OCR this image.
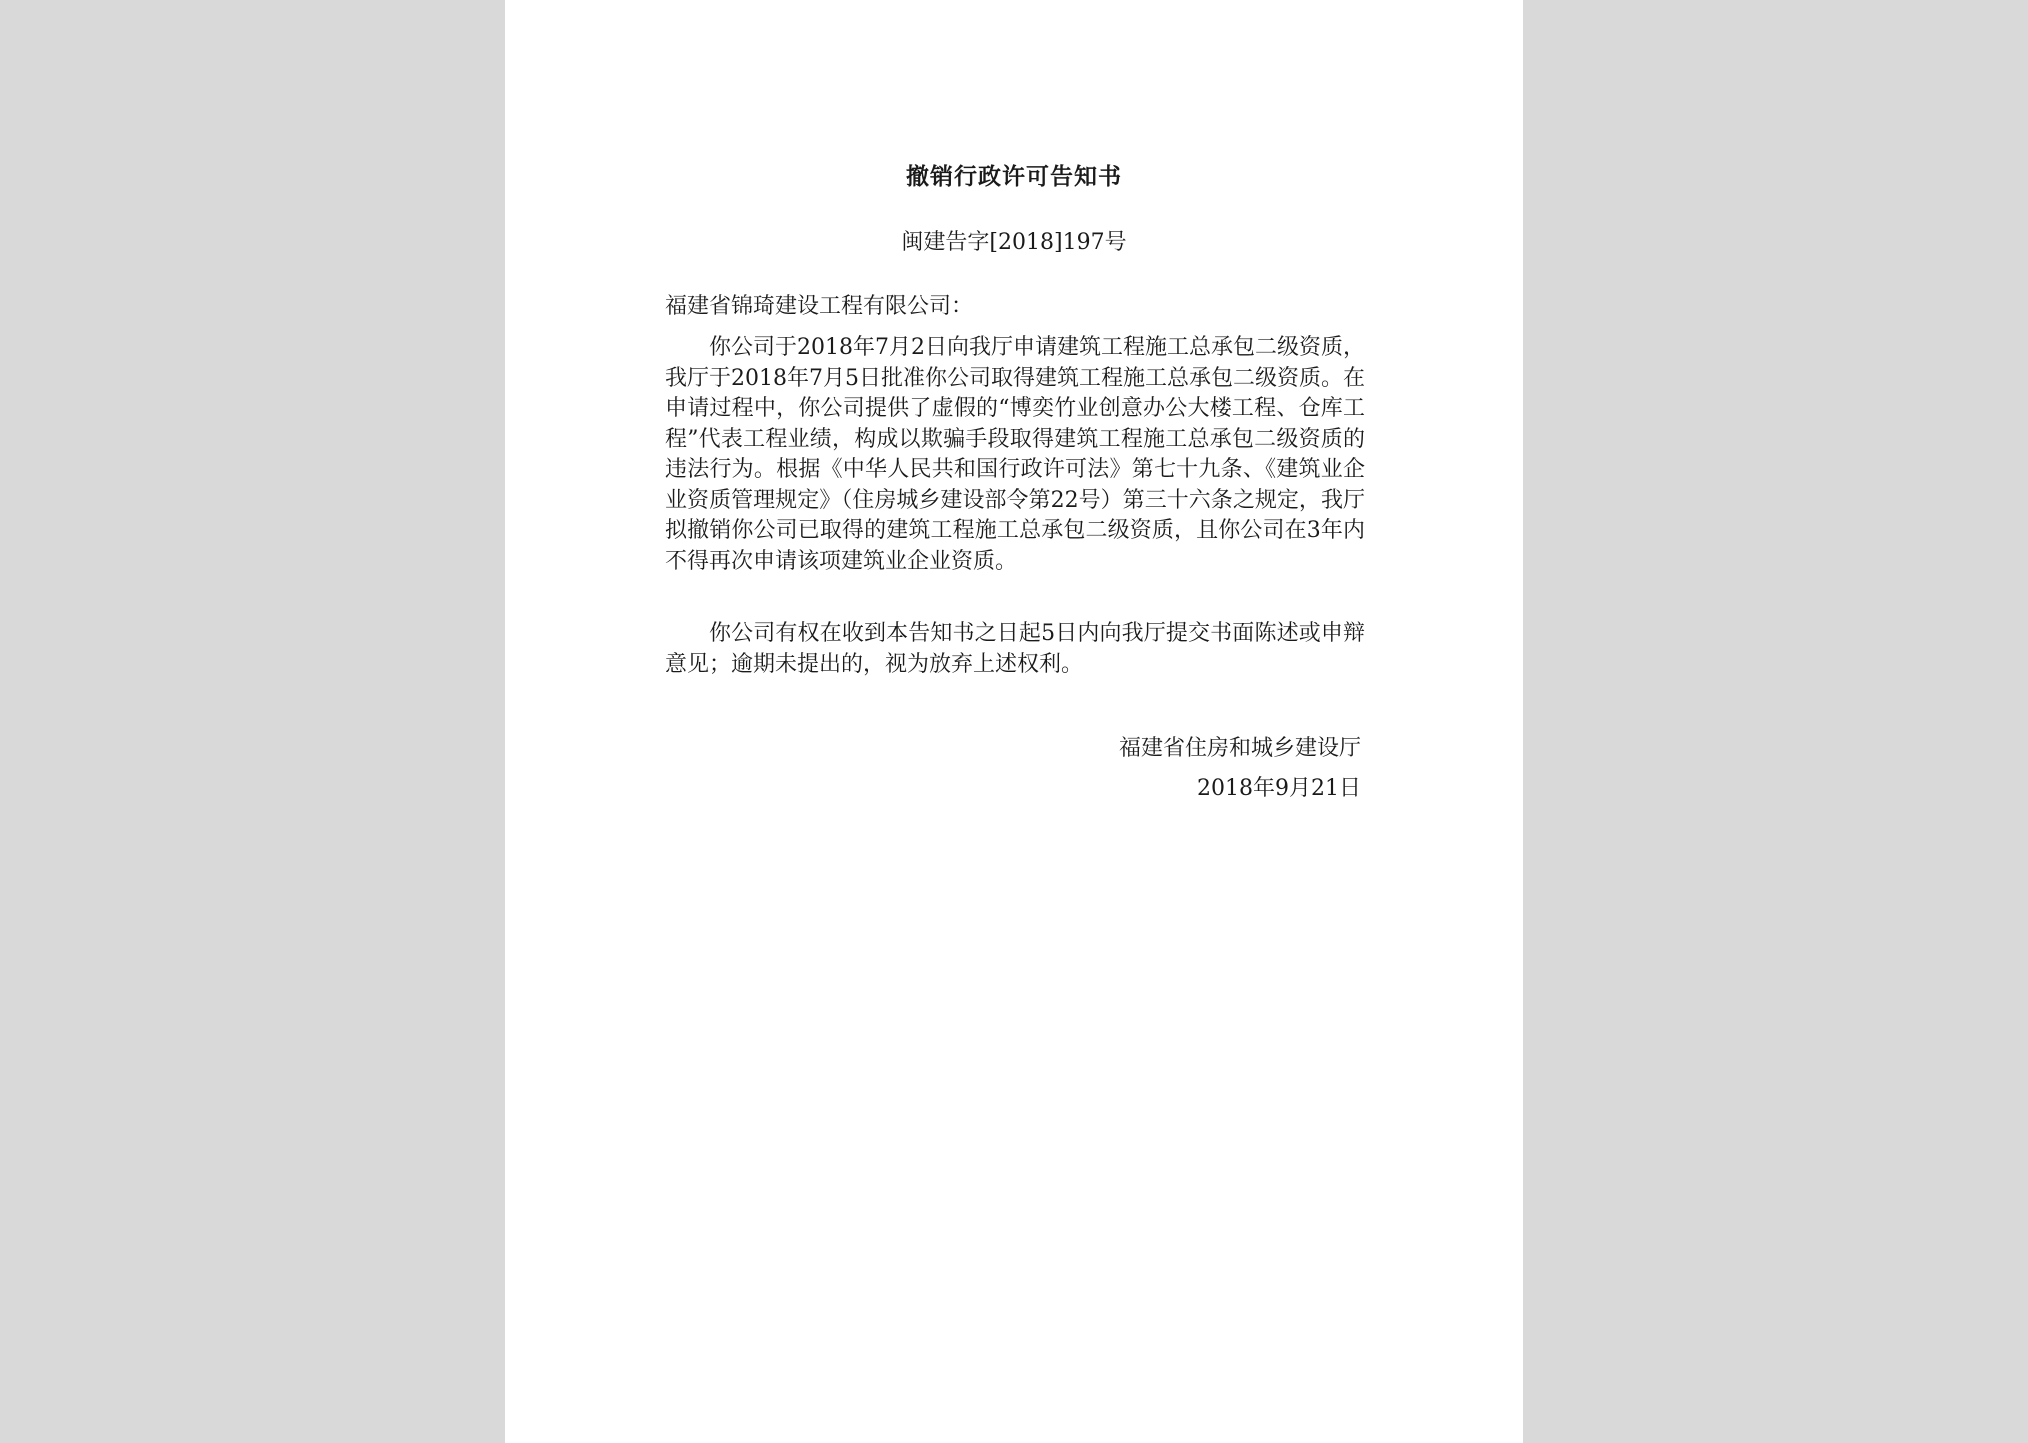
撤销行政许可告知书
闽建告字[2018]197号
福建省锦琦建设工程有限公司：

你公司于2018年7月2日向我厅申请建筑工程施工总承包二级资质，我厅于2018年7月5日批准你公司取得建筑工程施工总承包二级资质。在申请过程中，你公司提供了虚假的“博奕竹业创意办公大楼工程、仓库工程”代表工程业绩，构成以欺骗手段取得建筑工程施工总承包二级资质的违法行为。根据《中华人民共和国行政许可法》第七十九条、《建筑业企业资质管理规定》（住房城乡建设部令第22号）第三十六条之规定，我厅拟撤销你公司已取得的建筑工程施工总承包二级资质，且你公司在3年内不得再次申请该项建筑业企业资质。

你公司有权在收到本告知书之日起5日内向我厅提交书面陈述或申辩意见；逾期未提出的，视为放弃上述权利。

福建省住房和城乡建设厅
2018年9月21日
